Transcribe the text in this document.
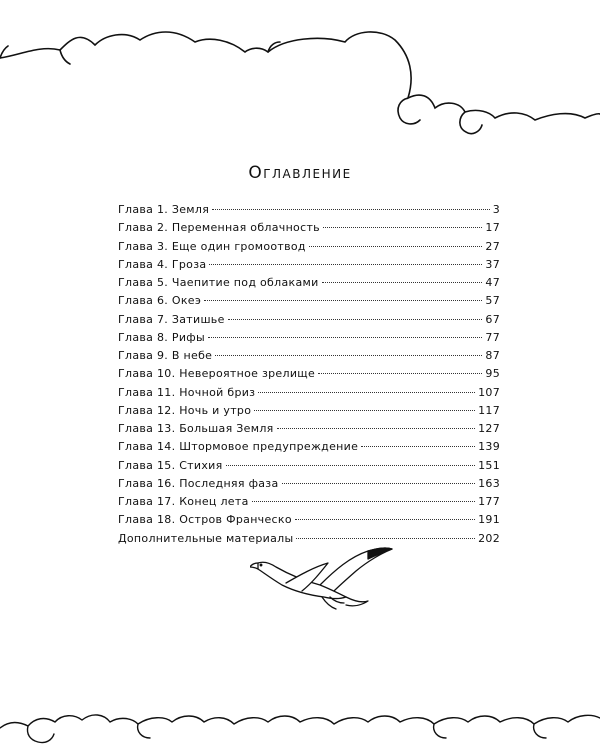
Оглавление
Глава 1. Земля	3
Глава 2. Переменная облачность	17
Глава 3. Еще один громоотвод	27
Глава 4. Гроза	37
Глава 5. Чаепитие под облаками	47
Глава 6. Океэ	57
Глава 7. Затишье	67
Глава 8. Рифы	77
Глава 9. В небе	87
Глава 10. Невероятное зрелище	95
Глава 11. Ночной бриз	107
Глава 12. Ночь и утро	117
Глава 13. Большая Земля	127
Глава 14. Штормовое предупреждение	139
Глава 15. Стихия	151
Глава 16. Последняя фаза	163
Глава 17. Конец лета	177
Глава 18. Остров Франческо	191
Дополнительные материалы	202
